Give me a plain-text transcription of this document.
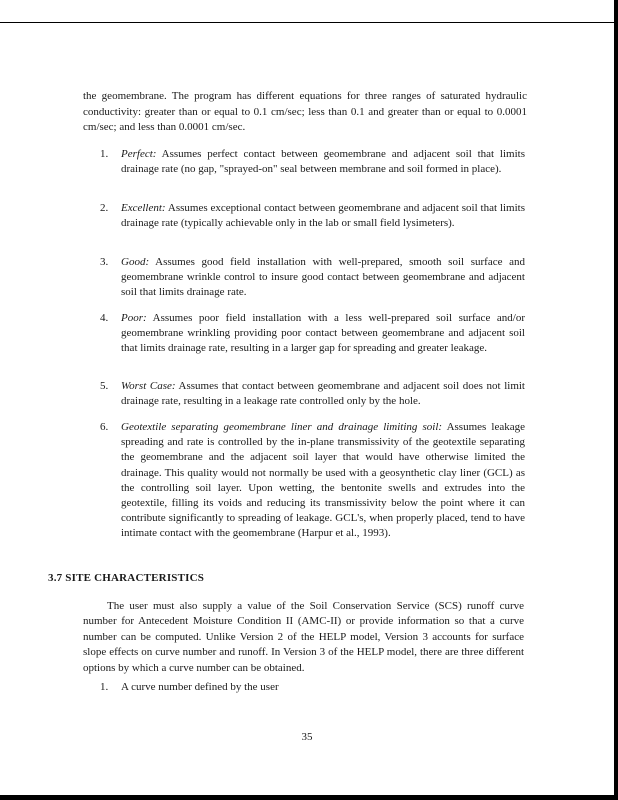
the geomembrane. The program has different equations for three ranges of saturated hydraulic conductivity: greater than or equal to 0.1 cm/sec; less than 0.1 and greater than or equal to 0.0001 cm/sec; and less than 0.0001 cm/sec.

1.	Perfect: Assumes perfect contact between geomembrane and adjacent soil that limits drainage rate (no gap, "sprayed-on" seal between membrane and soil formed in place).
2.	Excellent: Assumes exceptional contact between geomembrane and adjacent soil that limits drainage rate (typically achievable only in the lab or small field lysimeters).
3.	Good: Assumes good field installation with well-prepared, smooth soil surface and geomembrane wrinkle control to insure good contact between geomembrane and adjacent soil that limits drainage rate.
4.	Poor: Assumes poor field installation with a less well-prepared soil surface and/or geomembrane wrinkling providing poor contact between geomembrane and adjacent soil that limits drainage rate, resulting in a larger gap for spreading and greater leakage.
5.	Worst Case: Assumes that contact between geomembrane and adjacent soil does not limit drainage rate, resulting in a leakage rate controlled only by the hole.
6.	Geotextile separating geomembrane liner and drainage limiting soil: Assumes leakage spreading and rate is controlled by the in-plane transmissivity of the geotextile separating the geomembrane and the adjacent soil layer that would have otherwise limited the drainage. This quality would not normally be used with a geosynthetic clay liner (GCL) as the controlling soil layer. Upon wetting, the bentonite swells and extrudes into the geotextile, filling its voids and reducing its transmissivity below the point where it can contribute significantly to spreading of leakage. GCL's, when properly placed, tend to have intimate contact with the geomembrane (Harpur et al., 1993).
3.7 SITE CHARACTERISTICS

The user must also supply a value of the Soil Conservation Service (SCS) runoff curve number for Antecedent Moisture Condition II (AMC-II) or provide information so that a curve number can be computed. Unlike Version 2 of the HELP model, Version 3 accounts for surface slope effects on curve number and runoff. In Version 3 of the HELP model, there are three different options by which a curve number can be obtained.

1. A curve number defined by the user

35
